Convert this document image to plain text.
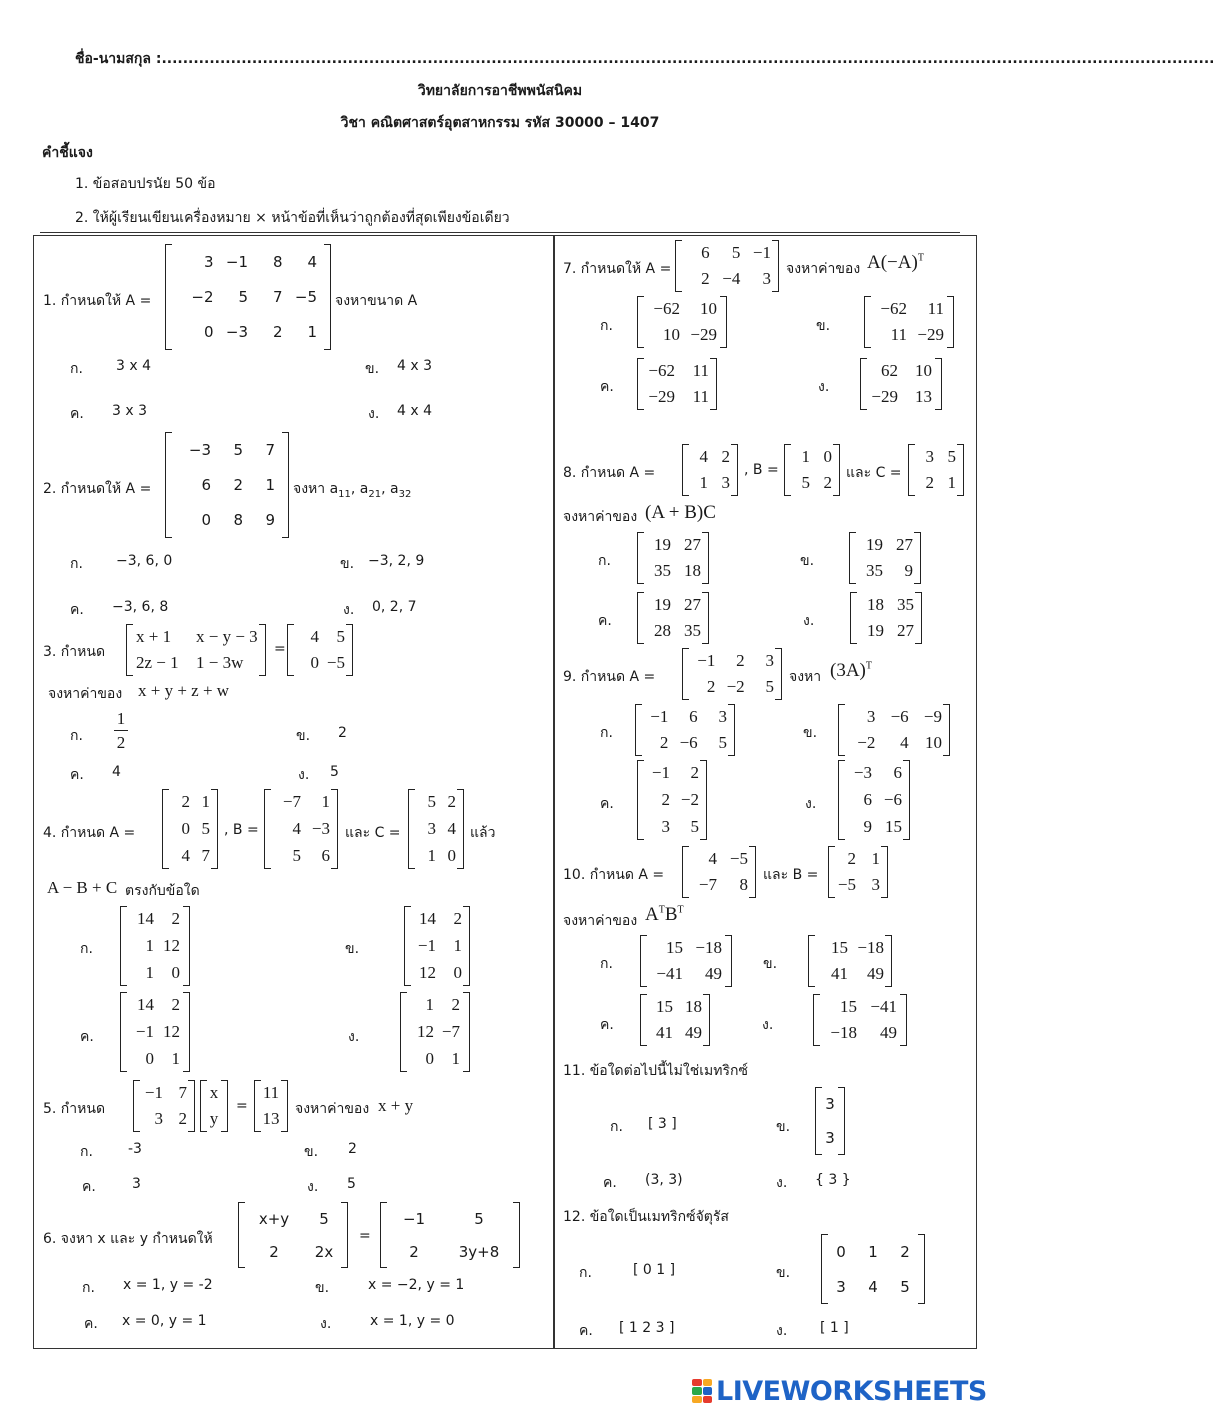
ชื่อ-นามสกุล :......................................................................................................................................................................................................
วิทยาลัยการอาชีพพนัสนิคม
วิชา คณิตศาสตร์อุตสาหกรรม รหัส 30000 – 1407
คำชี้แจง
1. ข้อสอบปรนัย 50 ข้อ
2. ให้ผู้เรียนเขียนเครื่องหมาย × หน้าข้อที่เห็นว่าถูกต้องที่สุดเพียงข้อเดียว
1. กำหนดให้ A =
3 −1 8 4
−2 5 7 −5
0 −3 2 1
จงหาขนาด A
ก. 3 x 4	ข. 4 x 3
ค. 3 x 3	ง. 4 x 4
2. กำหนดให้ A =
−3 5 7
6 2 1
0 8 9
จงหา $a_{11}$, $a_{21}$, $a_{32}$
ก. −3, 6, 0	ข. −3, 2, 9
ค. −3, 6, 8	ง. 0, 2, 7
3. กำหนด
x + 1 x − y − 3
2z − 1 1 − 3w
=
4 5
0 −5
จงหาค่าของ x + y + z + w
ก. $\frac{1}{2}$	ข. 2
ค. 4	ง. 5
4. กำหนด A =
2 1
0 5
4 7
, B =
−7 1
4 −3
5 6
และ C =
5 2
3 4
1 0
แล้ว
A − B + C ตรงกับข้อใด
ก.
14 2
1 12
1 0
ข.
14 2
−1 1
12 0
ค.
14 2
−1 12
0 1
ง.
1 2
12 −7
0 1
5. กำหนด
−1 7
3 2
x
y
=
11
13 จงหาค่าของ x + y
ก.	-3	ข. 2
ค.	3	ง. 5
6. จงหา x และ y กำหนดให้
x+y 5
2 2x
=
−1	5
2	3y+8
ก. x = 1, y = -2	ข.	x = −2, y = 1
ค. x = 0, y = 1	ง.	x = 1, y = 0
7. กำหนดให้ A =
6 5 −1
2 −4 3 จงหาค่าของ $A(-A)^T$
ก.
−62 10
10 −29	ข.
−62 11
11 −29
ค.
−62 11
−29 11	ง.
62 10
−29 13
8. กำหนด A =
4 2
1 3
, B =
1 0
5 2 และ C =
3 5
2 1
จงหาค่าของ (A + B)C
ก.
19 27
35 18	ข.
19 27
35 9
ค.
19 27
28 35	ง.
18 35
19 27
9. กำหนด A =
−1 2 3
2 −2 5 จงหา $(3A)^T$
ก.
−1 6 3
2 −6 5	ข.
3 −6 −9
−2 4 10
ค.
−1 2
2 −2
3 5
ง.
−3 6
6 −6
9 15
10. กำหนด A =
4 −5
−7 8 และ B =
2 1
−5 3
จงหาค่าของ $A^TB^T$
ก.
15 −18
−41 49	ข.
15 −18
41 49
ค.
15 18
41 49	ง.
15 −41
−18 49
11. ข้อใดต่อไปนี้ไม่ใช่เมทริกซ์
ก. [ 3 ]	ข.
3
3
ค. (3, 3)	ง. { 3 }
12. ข้อใดเป็นเมทริกซ์จัตุรัส
ก.	[ 0 1 ]	ข.
0 1 2
3 4 5
ค. [ 1 2 3 ]	ง. [ 1 ]
LIVEWORKSHEETS
